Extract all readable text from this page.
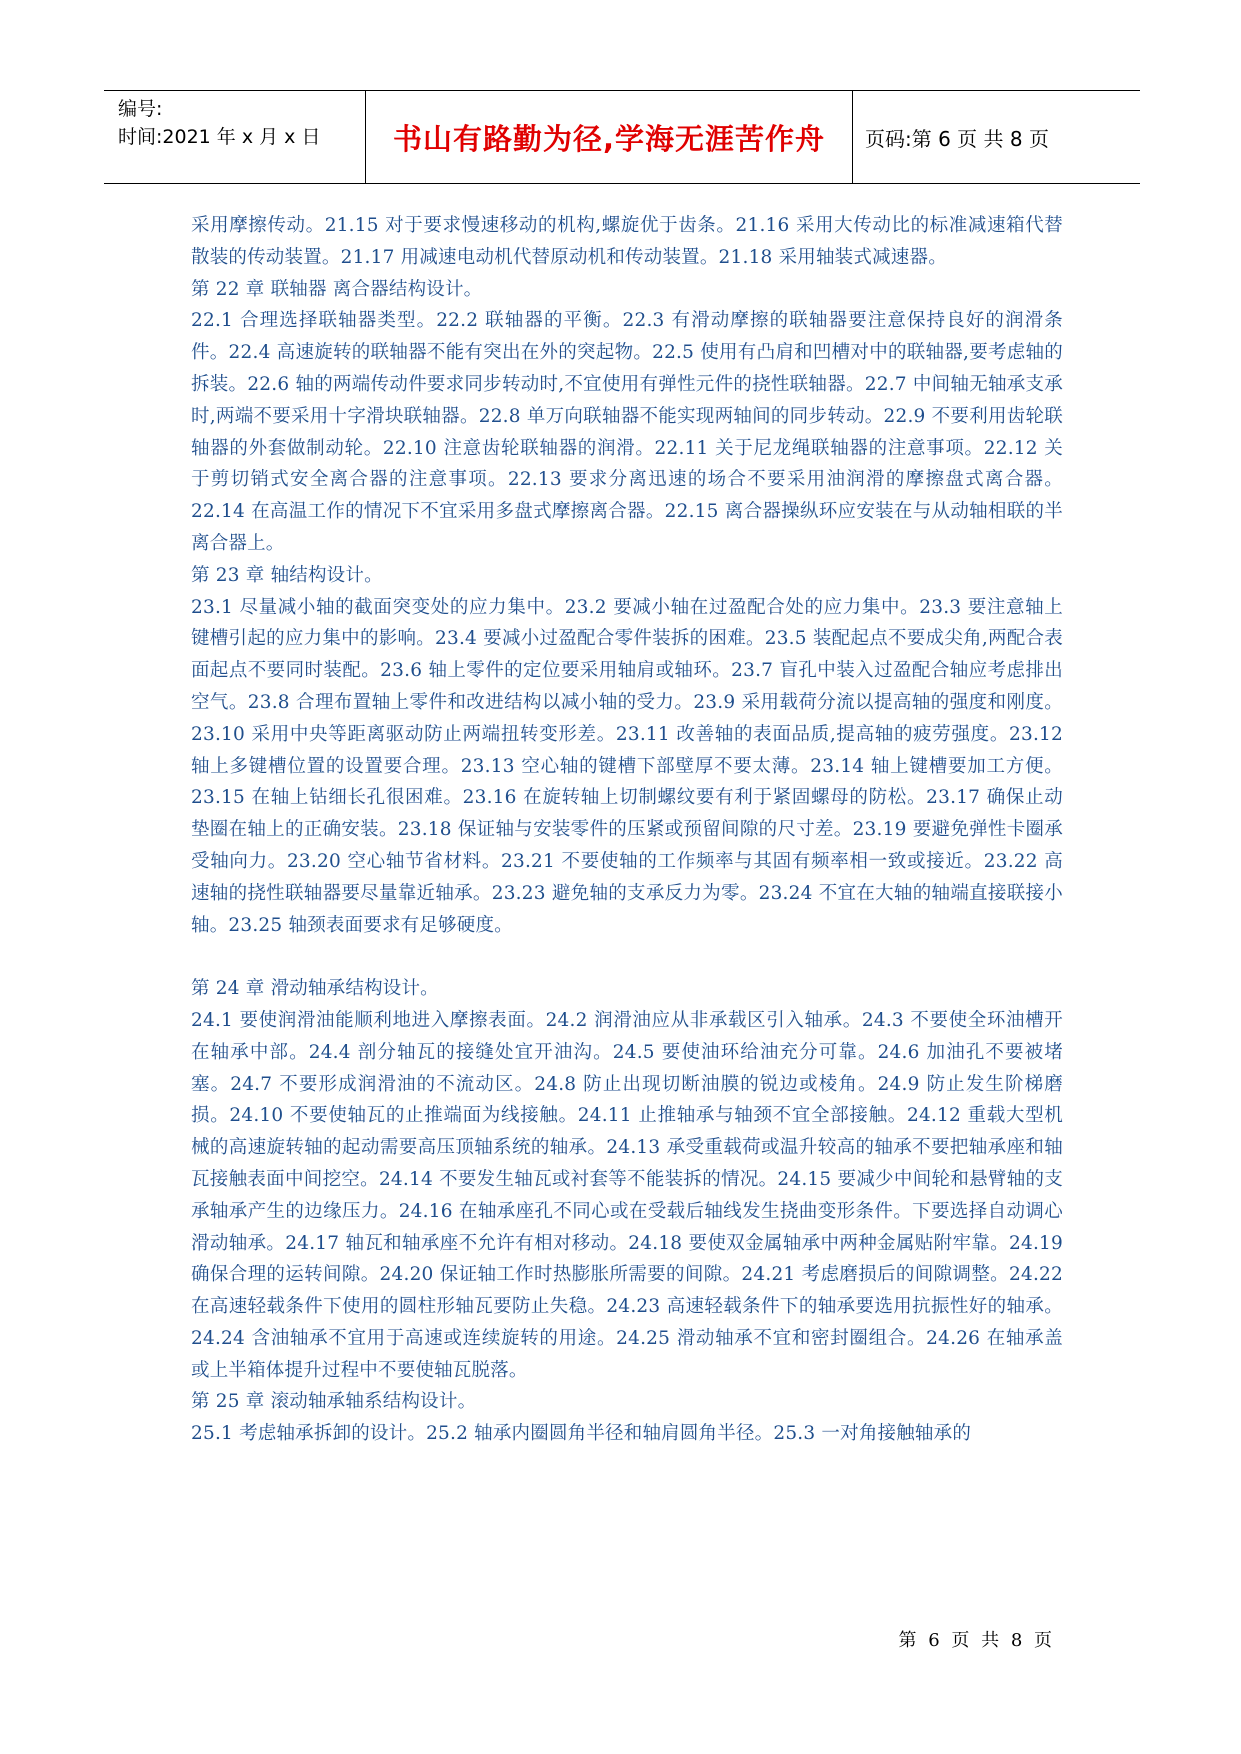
编号:
时间:2021 年 x 月 x 日	书山有路勤为径,学海无涯苦作舟	页码:第 6 页 共 8 页

采用摩擦传动。21.15 对于要求慢速移动的机构,螺旋优于齿条。21.16 采用大传动比的标准减速箱代替散装的传动装置。21.17 用减速电动机代替原动机和传动装置。21.18 采用轴装式减速器。

第 22 章 联轴器 离合器结构设计。

22.1 合理选择联轴器类型。22.2 联轴器的平衡。22.3 有滑动摩擦的联轴器要注意保持良好的润滑条件。22.4 高速旋转的联轴器不能有突出在外的突起物。22.5 使用有凸肩和凹槽对中的联轴器,要考虑轴的拆装。22.6 轴的两端传动件要求同步转动时,不宜使用有弹性元件的挠性联轴器。22.7 中间轴无轴承支承时,两端不要采用十字滑块联轴器。22.8 单万向联轴器不能实现两轴间的同步转动。22.9 不要利用齿轮联轴器的外套做制动轮。22.10 注意齿轮联轴器的润滑。22.11 关于尼龙绳联轴器的注意事项。22.12 关于剪切销式安全离合器的注意事项。22.13 要求分离迅速的场合不要采用油润滑的摩擦盘式离合器。22.14 在高温工作的情况下不宜采用多盘式摩擦离合器。22.15 离合器操纵环应安装在与从动轴相联的半离合器上。

第 23 章 轴结构设计。

23.1 尽量减小轴的截面突变处的应力集中。23.2 要减小轴在过盈配合处的应力集中。23.3 要注意轴上键槽引起的应力集中的影响。23.4 要减小过盈配合零件装拆的困难。23.5 装配起点不要成尖角,两配合表面起点不要同时装配。23.6 轴上零件的定位要采用轴肩或轴环。23.7 盲孔中装入过盈配合轴应考虑排出空气。23.8 合理布置轴上零件和改进结构以减小轴的受力。23.9 采用载荷分流以提高轴的强度和刚度。23.10 采用中央等距离驱动防止两端扭转变形差。23.11 改善轴的表面品质,提高轴的疲劳强度。23.12 轴上多键槽位置的设置要合理。23.13 空心轴的键槽下部壁厚不要太薄。23.14 轴上键槽要加工方便。23.15 在轴上钻细长孔很困难。23.16 在旋转轴上切制螺纹要有利于紧固螺母的防松。23.17 确保止动垫圈在轴上的正确安装。23.18 保证轴与安装零件的压紧或预留间隙的尺寸差。23.19 要避免弹性卡圈承受轴向力。23.20 空心轴节省材料。23.21 不要使轴的工作频率与其固有频率相一致或接近。23.22 高速轴的挠性联轴器要尽量靠近轴承。23.23 避免轴的支承反力为零。23.24 不宜在大轴的轴端直接联接小轴。23.25 轴颈表面要求有足够硬度。

第 24 章 滑动轴承结构设计。

24.1 要使润滑油能顺利地进入摩擦表面。24.2 润滑油应从非承载区引入轴承。24.3 不要使全环油槽开在轴承中部。24.4 剖分轴瓦的接缝处宜开油沟。24.5 要使油环给油充分可靠。24.6 加油孔不要被堵塞。24.7 不要形成润滑油的不流动区。24.8 防止出现切断油膜的锐边或棱角。24.9 防止发生阶梯磨损。24.10 不要使轴瓦的止推端面为线接触。24.11 止推轴承与轴颈不宜全部接触。24.12 重载大型机械的高速旋转轴的起动需要高压顶轴系统的轴承。24.13 承受重载荷或温升较高的轴承不要把轴承座和轴瓦接触表面中间挖空。24.14 不要发生轴瓦或衬套等不能装拆的情况。24.15 要减少中间轮和悬臂轴的支承轴承产生的边缘压力。24.16 在轴承座孔不同心或在受载后轴线发生挠曲变形条件。下要选择自动调心滑动轴承。24.17 轴瓦和轴承座不允许有相对移动。24.18 要使双金属轴承中两种金属贴附牢靠。24.19 确保合理的运转间隙。24.20 保证轴工作时热膨胀所需要的间隙。24.21 考虑磨损后的间隙调整。24.22 在高速轻载条件下使用的圆柱形轴瓦要防止失稳。24.23 高速轻载条件下的轴承要选用抗振性好的轴承。24.24 含油轴承不宜用于高速或连续旋转的用途。24.25 滑动轴承不宜和密封圈组合。24.26 在轴承盖或上半箱体提升过程中不要使轴瓦脱落。

第 25 章 滚动轴承轴系结构设计。

25.1 考虑轴承拆卸的设计。25.2 轴承内圈圆角半径和轴肩圆角半径。25.3 一对角接触轴承的

第 6 页 共 8 页
